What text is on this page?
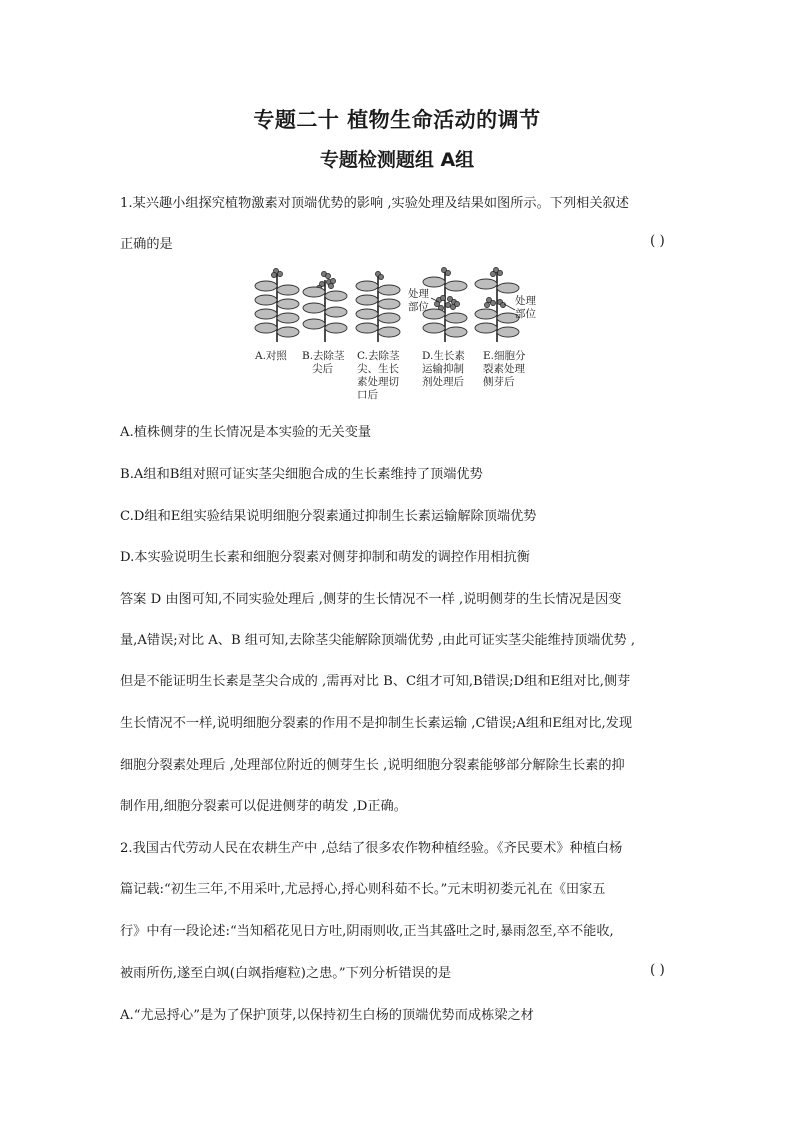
专题二十 植物生命活动的调节
专题检测题组 A组
1.某兴趣小组探究植物激素对顶端优势的影响 ,实验处理及结果如图所示。下列相关叙述
正确的是	( )
处理
部位	处理
部位
A.对照 B.去除茎
尖后
C.去除茎
尖、生长
素处理切
口后
D.生长素
运输抑制
剂处理后
E.细胞分
裂素处理
侧芽后
A.植株侧芽的生长情况是本实验的无关变量
B.A组和B组对照可证实茎尖细胞合成的生长素维持了顶端优势
C.D组和E组实验结果说明细胞分裂素通过抑制生长素运输解除顶端优势
D.本实验说明生长素和细胞分裂素对侧芽抑制和萌发的调控作用相抗衡
答案 D 由图可知,不同实验处理后 ,侧芽的生长情况不一样 ,说明侧芽的生长情况是因变
量,A错误;对比 A、B 组可知,去除茎尖能解除顶端优势 ,由此可证实茎尖能维持顶端优势 ,
但是不能证明生长素是茎尖合成的 ,需再对比 B、C组才可知,B错误;D组和E组对比,侧芽
生长情况不一样,说明细胞分裂素的作用不是抑制生长素运输 ,C错误;A组和E组对比,发现
细胞分裂素处理后 ,处理部位附近的侧芽生长 ,说明细胞分裂素能够部分解除生长素的抑
制作用,细胞分裂素可以促进侧芽的萌发 ,D正确。
2.我国古代劳动人民在农耕生产中 ,总结了很多农作物种植经验。《齐民要术》种植白杨
篇记载:“初生三年,不用采叶,尤忌捋心,捋心则科茹不长。”元末明初娄元礼在《田家五
行》中有一段论述:“当知稻花见日方吐,阴雨则收,正当其盛吐之时,暴雨忽至,卒不能收,
被雨所伤,遂至白飒(白飒指瘪粒)之患。”下列分析错误的是	( )
A.“尤忌捋心”是为了保护顶芽,以保持初生白杨的顶端优势而成栋梁之材
